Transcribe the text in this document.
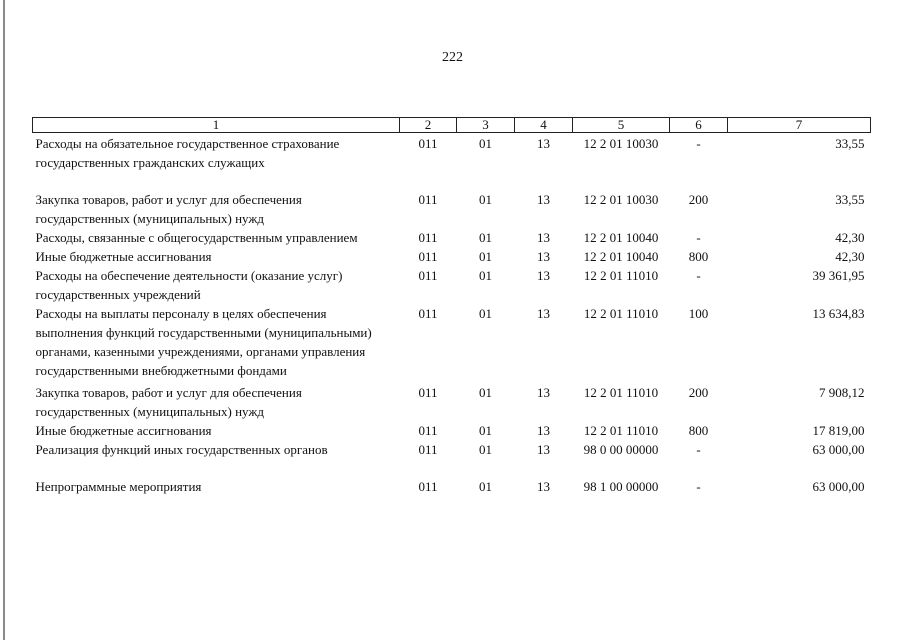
222
1	2	3	4	5	6	7
Расходы на обязательное государственное страхование государственных гражданских служащих	011	01	13	12 2 01 10030	-	33,55
Закупка товаров, работ и услуг для обеспечения государственных (муниципальных) нужд	011	01	13	12 2 01 10030	200	33,55
Расходы, связанные с общегосударственным управлением	011	01	13	12 2 01 10040	-	42,30
Иные бюджетные ассигнования	011	01	13	12 2 01 10040	800	42,30
Расходы на обеспечение деятельности (оказание услуг) государственных учреждений	011	01	13	12 2 01 11010	-	39 361,95
Расходы на выплаты персоналу в целях обеспечения выполнения функций государственными (муниципальными) органами, казенными учреждениями, органами управления государственными внебюджетными фондами	011	01	13	12 2 01 11010	100	13 634,83
Закупка товаров, работ и услуг для обеспечения государственных (муниципальных) нужд	011	01	13	12 2 01 11010	200	7 908,12
Иные бюджетные ассигнования	011	01	13	12 2 01 11010	800	17 819,00
Реализация функций иных государственных органов	011	01	13	98 0 00 00000	-	63 000,00
Непрограммные мероприятия	011	01	13	98 1 00 00000	-	63 000,00
